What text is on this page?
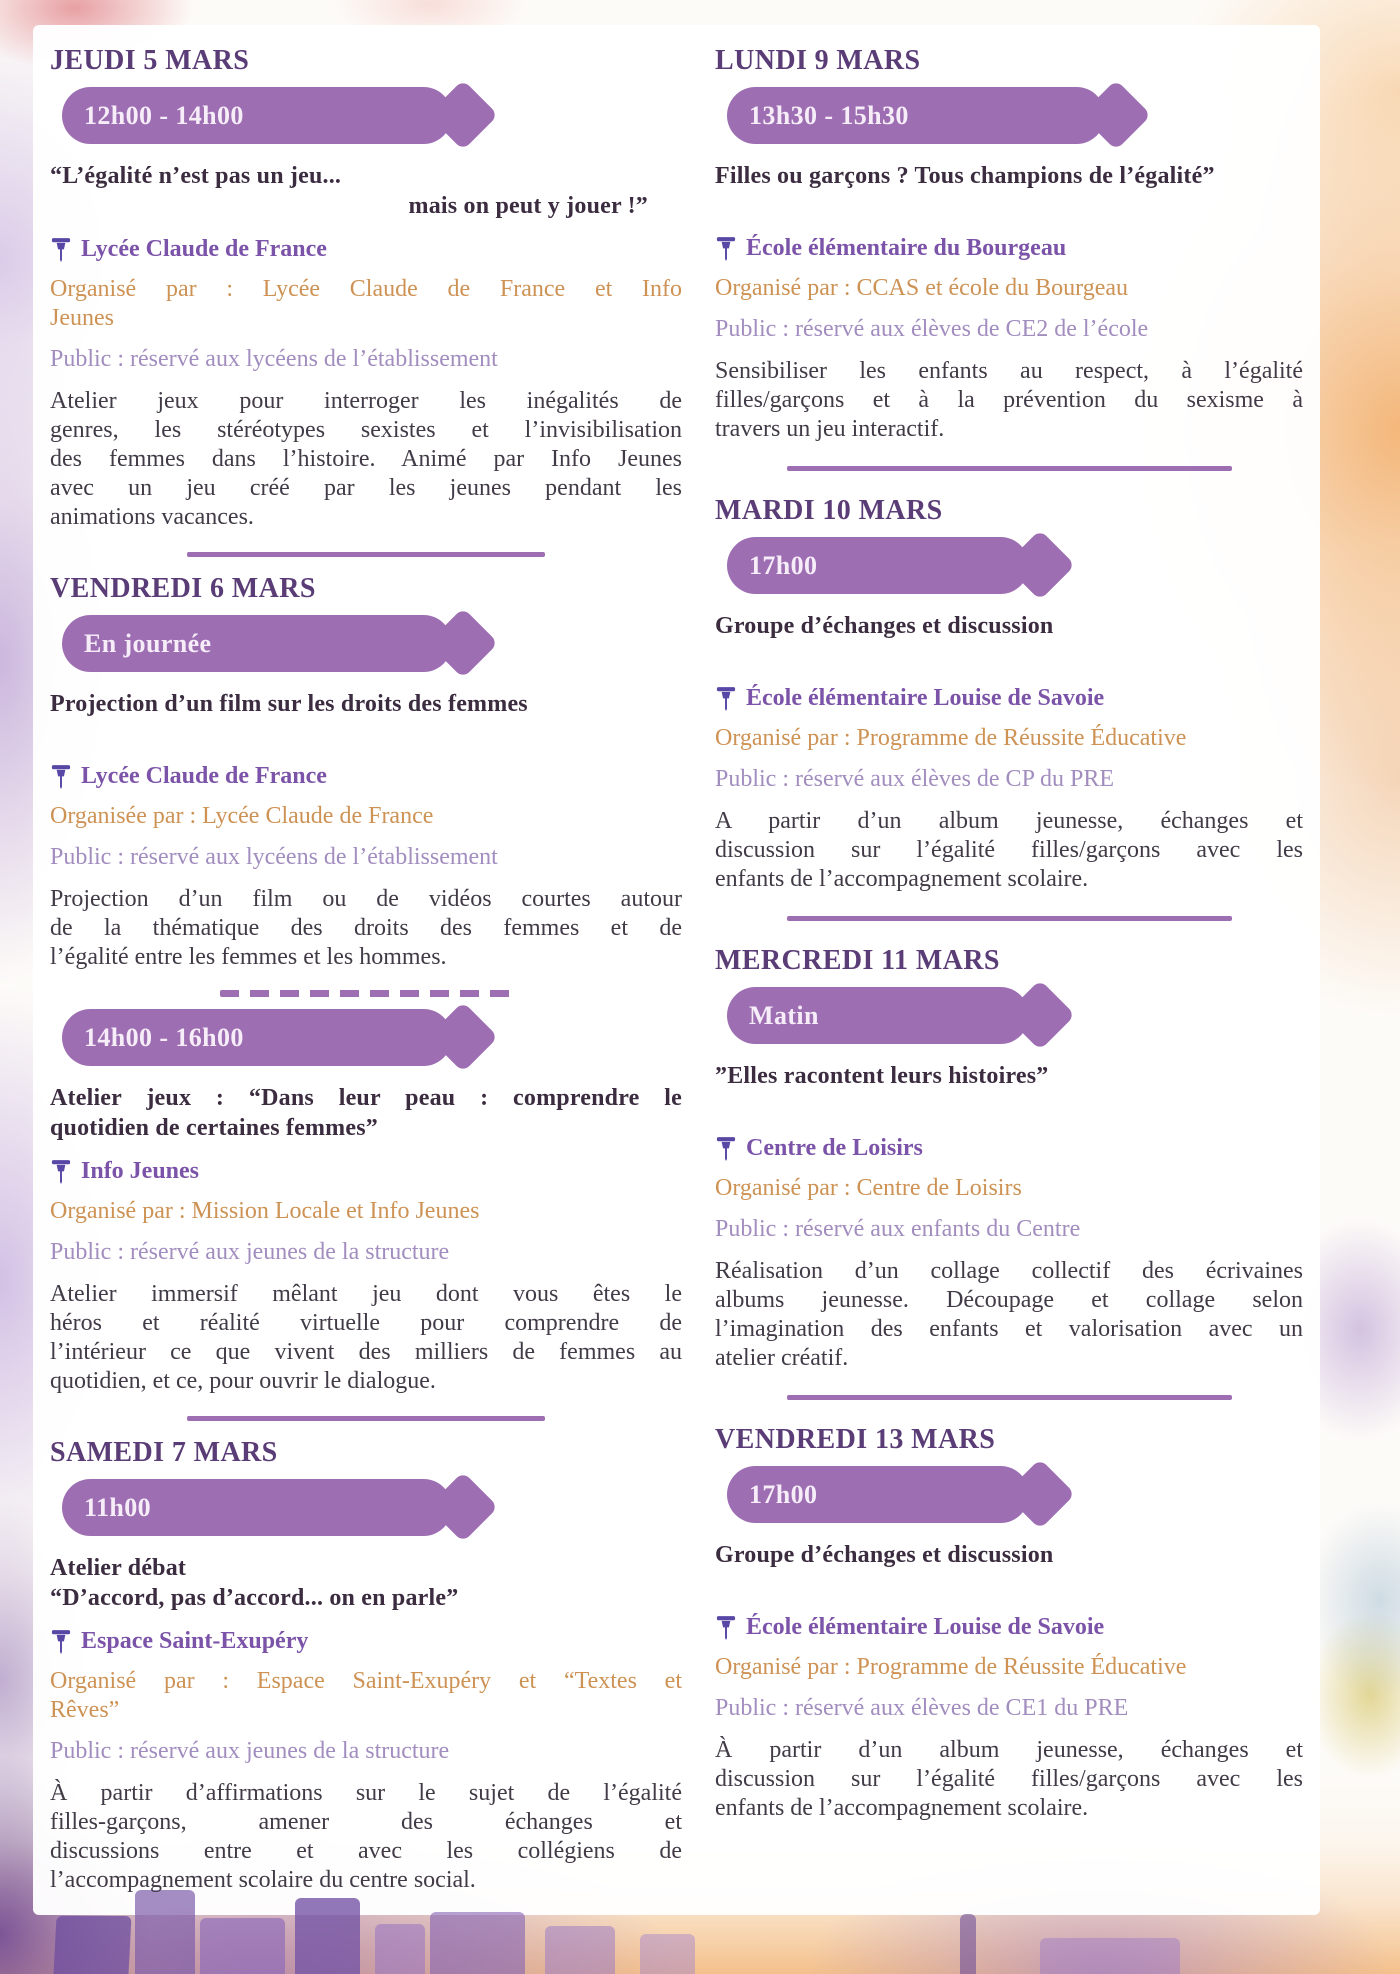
JEUDI 5 MARS
12h00 - 14h00
“L’égalité n’est pas un jeu...
mais on peut y jouer !”
Lycée Claude de France
Organisé par : Lycée Claude de France et Info
Jeunes
Public : réservé aux lycéens de l’établissement
Atelier jeux pour interroger les inégalités de
genres, les stéréotypes sexistes et l’invisibilisation
des femmes dans l’histoire. Animé par Info Jeunes
avec un jeu créé par les jeunes pendant les
animations vacances.
VENDREDI 6 MARS
En journée
Projection d’un film sur les droits des femmes
Lycée Claude de France
Organisée par : Lycée Claude de France
Public : réservé aux lycéens de l’établissement
Projection d’un film ou de vidéos courtes autour
de la thématique des droits des femmes et de
l’égalité entre les femmes et les hommes.
14h00 - 16h00
Atelier jeux : “Dans leur peau : comprendre le
quotidien de certaines femmes”
Info Jeunes
Organisé par : Mission Locale et Info Jeunes
Public : réservé aux jeunes de la structure
Atelier immersif mêlant jeu dont vous êtes le
héros et réalité virtuelle pour comprendre de
l’intérieur ce que vivent des milliers de femmes au
quotidien, et ce, pour ouvrir le dialogue.
SAMEDI 7 MARS
11h00
Atelier débat
“D’accord, pas d’accord... on en parle”
Espace Saint-Exupéry
Organisé par : Espace Saint-Exupéry et “Textes et
Rêves”
Public : réservé aux jeunes de la structure
À partir d’affirmations sur le sujet de l’égalité
filles-garçons, amener des échanges et
discussions entre et avec les collégiens de
l’accompagnement scolaire du centre social.
LUNDI 9 MARS
13h30 - 15h30
Filles ou garçons ? Tous champions de l’égalité”
École élémentaire du Bourgeau
Organisé par : CCAS et école du Bourgeau
Public : réservé aux élèves de CE2 de l’école
Sensibiliser les enfants au respect, à l’égalité
filles/garçons et à la prévention du sexisme à
travers un jeu interactif.
MARDI 10 MARS
17h00
Groupe d’échanges et discussion
École élémentaire Louise de Savoie
Organisé par : Programme de Réussite Éducative
Public : réservé aux élèves de CP du PRE
A partir d’un album jeunesse, échanges et
discussion sur l’égalité filles/garçons avec les
enfants de l’accompagnement scolaire.
MERCREDI 11 MARS
Matin
”Elles racontent leurs histoires”
Centre de Loisirs
Organisé par : Centre de Loisirs
Public : réservé aux enfants du Centre
Réalisation d’un collage collectif des écrivaines
albums jeunesse. Découpage et collage selon
l’imagination des enfants et valorisation avec un
atelier créatif.
VENDREDI 13 MARS
17h00
Groupe d’échanges et discussion
École élémentaire Louise de Savoie
Organisé par : Programme de Réussite Éducative
Public : réservé aux élèves de CE1 du PRE
À partir d’un album jeunesse, échanges et
discussion sur l’égalité filles/garçons avec les
enfants de l’accompagnement scolaire.
